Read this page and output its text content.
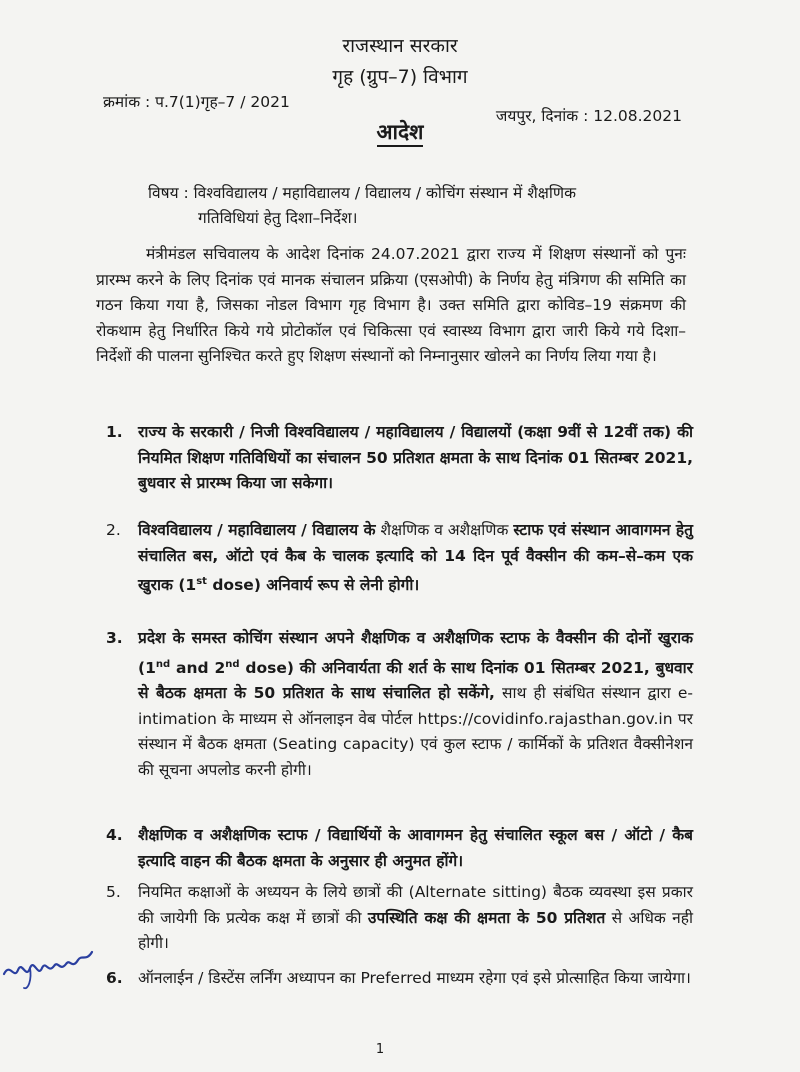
राजस्थान सरकार
गृह (ग्रुप–7) विभाग
क्रमांक : प.7(1)गृह–7 / 2021
जयपुर, दिनांक : 12.08.2021
आदेश
विषय : विश्वविद्यालय / महाविद्यालय / विद्यालय / कोचिंग संस्थान में शैक्षणिक
गतिविधियां हेतु दिशा–निर्देश।
मंत्रीमंडल सचिवालय के आदेश दिनांक 24.07.2021 द्वारा राज्य में शिक्षण संस्थानों को पुनः प्रारम्भ करने के लिए दिनांक एवं मानक संचालन प्रक्रिया (एसओपी) के निर्णय हेतु मंत्रिगण की समिति का गठन किया गया है, जिसका नोडल विभाग गृह विभाग है। उक्त समिति द्वारा कोविड–19 संक्रमण की रोकथाम हेतु निर्धारित किये गये प्रोटोकॉल एवं चिकित्सा एवं स्वास्थ्य विभाग द्वारा जारी किये गये दिशा–निर्देशों की पालना सुनिश्चित करते हुए शिक्षण संस्थानों को निम्नानुसार खोलने का निर्णय लिया गया है।
1. राज्य के सरकारी / निजी विश्वविद्यालय / महाविद्यालय / विद्यालयों (कक्षा 9वीं से 12वीं तक) की नियमित शिक्षण गतिविधियों का संचालन 50 प्रतिशत क्षमता के साथ दिनांक 01 सितम्बर 2021, बुधवार से प्रारम्भ किया जा सकेगा।
2. विश्वविद्यालय / महाविद्यालय / विद्यालय के शैक्षणिक व अशैक्षणिक स्टाफ एवं संस्थान आवागमन हेतु संचालित बस, ऑटो एवं कैब के चालक इत्यादि को 14 दिन पूर्व वैक्सीन की कम–से–कम एक खुराक (1st dose) अनिवार्य रूप से लेनी होगी।
3. प्रदेश के समस्त कोचिंग संस्थान अपने शैक्षणिक व अशैक्षणिक स्टाफ के वैक्सीन की दोनों खुराक (1nd and 2nd dose) की अनिवार्यता की शर्त के साथ दिनांक 01 सितम्बर 2021, बुधवार से बैठक क्षमता के 50 प्रतिशत के साथ संचालित हो सकेंगे, साथ ही संबंधित संस्थान द्वारा e-intimation के माध्यम से ऑनलाइन वेब पोर्टल https://covidinfo.rajasthan.gov.in पर संस्थान में बैठक क्षमता (Seating capacity) एवं कुल स्टाफ / कार्मिकों के प्रतिशत वैक्सीनेशन की सूचना अपलोड करनी होगी।
4. शैक्षणिक व अशैक्षणिक स्टाफ / विद्यार्थियों के आवागमन हेतु संचालित स्कूल बस / ऑटो / कैब इत्यादि वाहन की बैठक क्षमता के अनुसार ही अनुमत होंगे।
5. नियमित कक्षाओं के अध्ययन के लिये छात्रों की (Alternate sitting) बैठक व्यवस्था इस प्रकार की जायेगी कि प्रत्येक कक्ष में छात्रों की उपस्थिति कक्ष की क्षमता के 50 प्रतिशत से अधिक नही होगी।
6. ऑनलाईन / डिस्टेंस लर्निंग अध्यापन का Preferred माध्यम रहेगा एवं इसे प्रोत्साहित किया जायेगा।
1
